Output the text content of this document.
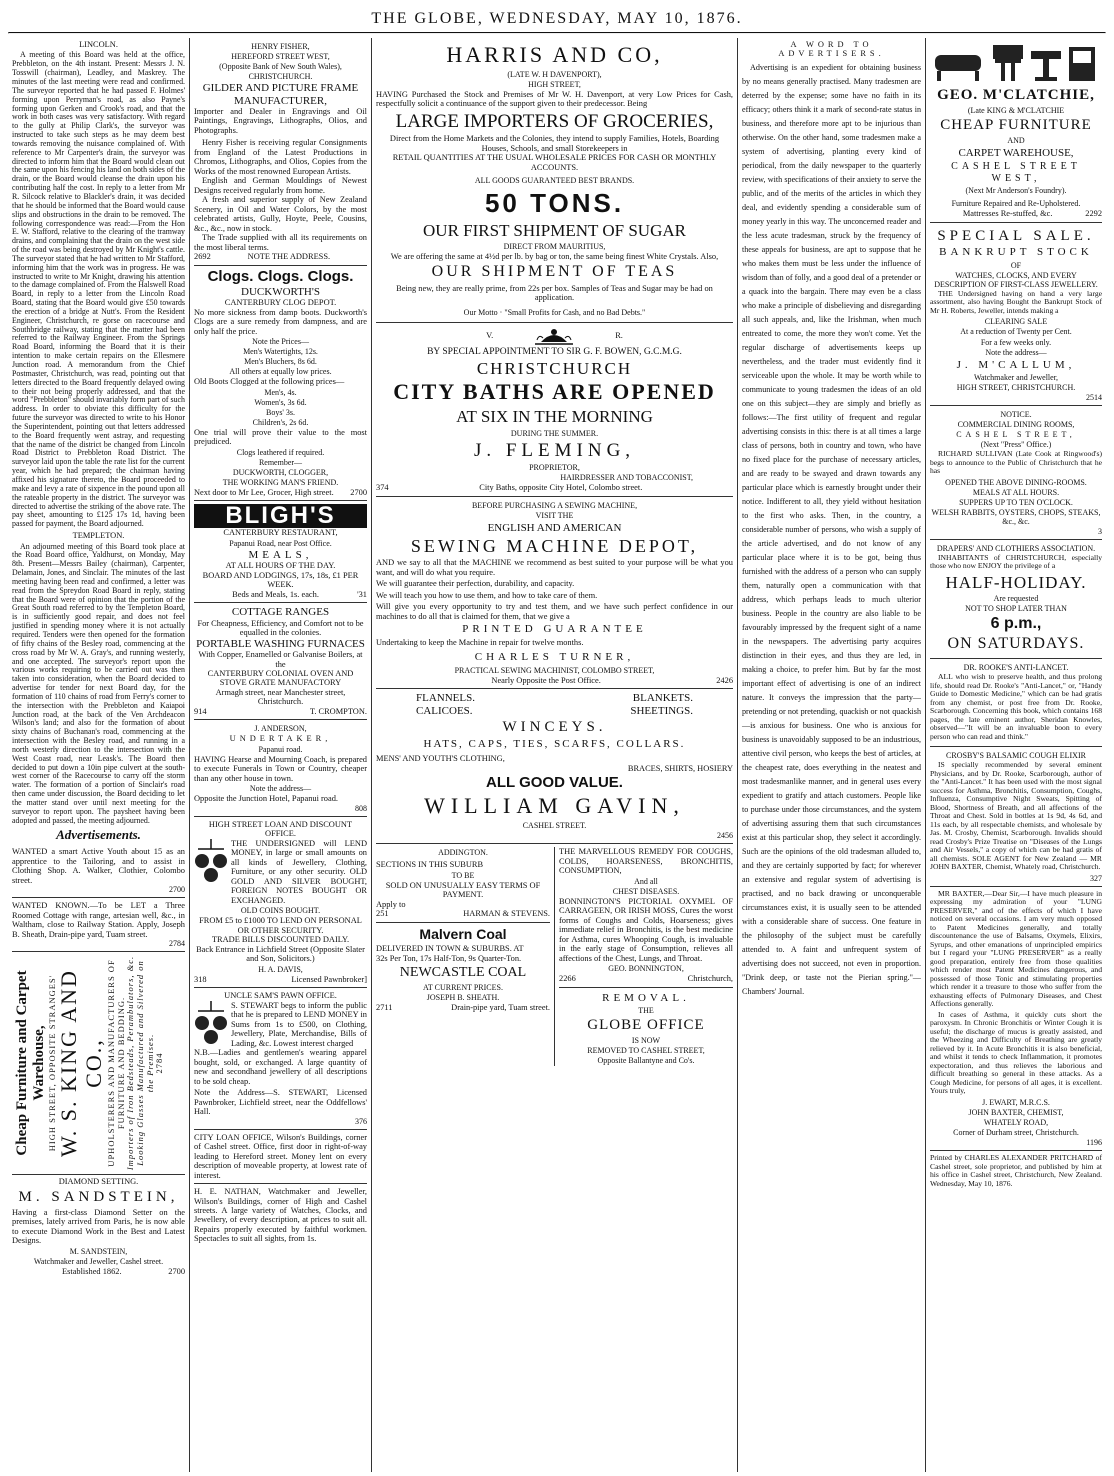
THE GLOBE, WEDNESDAY, MAY 10, 1876.
LINCOLN.

A meeting of this Board was held at the office, Prebbleton, on the 4th instant. Present: Messrs J. N. Tosswill (chairman), Leadley, and Maskrey. The minutes of the last meeting were read and confirmed. The surveyor reported that he had passed F. Holmes' forming upon Perryman's road, as also Payne's forming upon Gerken and Crook's road, and that the work in both cases was very satisfactory. With regard to the gully at Philip Clark's, the surveyor was instructed to take such steps as he may deem best towards removing the nuisance complained of. With reference to Mr Carpenter's drain, the surveyor was directed to inform him that the Board would clean out the same upon his fencing his land on both sides of the drain, or the Board would cleanse the drain upon his contributing half the cost. In reply to a letter from Mr R. Silcock relative to Blackler's drain, it was decided that he should be informed that the Board would cause slips and obstructions in the drain to be removed. The following correspondence was read:—From the Hon E. W. Stafford, relative to the clearing of the tramway drains, and complaining that the drain on the west side of the road was being destroyed by Mr Knight's cattle. The surveyor stated that he had written to Mr Stafford, informing him that the work was in progress. He was instructed to write to Mr Knight, drawing his attention to the damage complained of. From the Halswell Road Board, in reply to a letter from the Lincoln Road Board, stating that the Board would give £50 towards the erection of a bridge at Nutt's. From the Resident Engineer, Christchurch, re gorse on racecourse and Southbridge railway, stating that the matter had been referred to the Railway Engineer. From the Springs Road Board, informing the Board that it is their intention to make certain repairs on the Ellesmere Junction road. A memorandum from the Chief Postmaster, Christchurch, was read, pointing out that letters directed to the Board frequently delayed owing to their not being properly addressed, and that the word "Prebbleton" should invariably form part of such address. In order to obviate this difficulty for the future the surveyor was directed to write to his Honor the Superintendent, pointing out that letters addressed to the Board frequently went astray, and requesting that the name of the district be changed from Lincoln Road District to Prebbleton Road District. The surveyor laid upon the table the rate list for the current year, which he had prepared; the chairman having affixed his signature thereto, the Board proceeded to make and levy a rate of sixpence in the pound upon all the rateable property in the district. The surveyor was directed to advertise the striking of the above rate. The pay sheet, amounting to £125 17s 1d, having been passed for payment, the Board adjourned.

TEMPLETON.

An adjourned meeting of this Board took place at the Road Board office, Yaldhurst, on Monday, May 8th. Present—Messrs Bailey (chairman), Carpenter, Delamain, Jones, and Sinclair. The minutes of the last meeting having been read and confirmed, a letter was read from the Spreydon Road Board in reply, stating that the Board were of opinion that the portion of the Great South road referred to by the Templeton Board, is in sufficiently good repair, and does not feel justified in spending money where it is not actually required. Tenders were then opened for the formation of fifty chains of the Besley road, commencing at the cross road by Mr W. A. Gray's, and running westerly, and one accepted. The surveyor's report upon the various works requiring to be carried out was then taken into consideration, when the Board decided to advertise for tender for next Board day, for the formation of 110 chains of road from Ferry's corner to the intersection with the Prebbleton and Kaiapoi Junction road, at the back of the Ven Archdeacon Wilson's land; and also for the formation of about sixty chains of Buchanan's road, commencing at the intersection with the Besley road, and running in a north westerly direction to the intersection with the West Coast road, near Leask's. The Board then decided to put down a 10in pipe culvert at the south-west corner of the Racecourse to carry off the storm water. The formation of a portion of Sinclair's road then came under discussion, the Board deciding to let the matter stand over until next meeting for the surveyor to report upon. The paysheet having been adopted and passed, the meeting adjourned.

Advertisements.
WANTED a smart Active Youth about 15 as an apprentice to the Tailoring, and to assist in Clothing Shop. A. Walker, Clothier, Colombo street.
2700
WANTED KNOWN.—To be LET a Three Roomed Cottage with range, artesian well, &c., in Waltham, close to Railway Station. Apply, Joseph B. Sheath, Drain-pipe yard, Tuam street.
2784
Cheap Furniture and Carpet Warehouse, HIGH STREET, OPPOSITE STRANGES' W. S. KING AND CO., UPHOLSTERERS AND MANUFACTURERS OF FURNITURE AND BEDDING. Importers of Iron Bedsteads, Perambulators, &c. Looking Glasses Manufactured and Silvered on the Premises. 2784
DIAMOND SETTING.
M. SANDSTEIN,
Having a first-class Diamond Setter on the premises, lately arrived from Paris, he is now able to execute Diamond Work in the Best and Latest Designs.
M. SANDSTEIN,
Watchmaker and Jeweller, Cashel street.
Established 1862.	2700
HENRY FISHER,
HEREFORD STREET WEST,
(Opposite Bank of New South Wales),
CHRISTCHURCH.
GILDER AND PICTURE FRAME MANUFACTURER,
Importer and Dealer in Engravings and Oil Paintings, Engravings, Lithographs, Olios, and Photographs.
Henry Fisher is receiving regular Consignments from England of the Latest Productions in Chromos, Lithographs, and Olios, Copies from the Works of the most renowned European Artists.
English and German Mouldings of Newest Designs received regularly from home.
A fresh and superior supply of New Zealand Scenery, in Oil and Water Colors, by the most celebrated artists, Gully, Hoyte, Peele, Cousins, &c., &c., now in stock.
The Trade supplied with all its requirements on the most liberal terms.
2692	NOTE THE ADDRESS.
Clogs. Clogs. Clogs.
DUCKWORTH'S
CANTERBURY CLOG DEPOT.
No more sickness from damp boots. Duckworth's Clogs are a sure remedy from dampness, and are only half the price.
Note the Prices—
Men's Watertights, 12s.
Men's Bluchers, 8s 6d.
All others at equally low prices.
Old Boots Clogged at the following prices—
Men's, 4s.
Women's, 3s 6d.
Boys' 3s.
Children's, 2s 6d.
One trial will prove their value to the most prejudiced.
Clogs leathered if required.
Remember—
DUCKWORTH, CLOGGER,
THE WORKING MAN'S FRIEND.
Next door to Mr Lee, Grocer, High street. 2700
BLIGH'S
CANTERBURY RESTAURANT,
Papanui Road, near Post Office.
MEALS,
AT ALL HOURS OF THE DAY.
BOARD AND LODGINGS, 17s, 18s, £1 PER WEEK.
Beds and Meals, 1s. each.	'31
COTTAGE RANGES
For Cheapness, Efficiency, and Comfort not to be equalled in the colonies.
PORTABLE WASHING FURNACES
With Copper, Enamelled or Galvanise Boilers, at the
CANTERBURY COLONIAL OVEN AND STOVE GRATE MANUFACTORY
Armagh street, near Manchester street, Christchurch.
914	T. CROMPTON.
J. ANDERSON,
UNDERTAKER,
Papanui road.
HAVING Hearse and Mourning Coach, is prepared to execute Funerals in Town or Country, cheaper than any other house in town.
Note the address—
Opposite the Junction Hotel, Papanui road.
808
HIGH STREET LOAN AND DISCOUNT OFFICE.
THE UNDERSIGNED will LEND MONEY, in large or small amounts on all kinds of Jewellery, Clothing, Furniture, or any other security. OLD GOLD AND SILVER BOUGHT, FOREIGN NOTES BOUGHT OR EXCHANGED.
OLD COINS BOUGHT.
FROM £5 to £1000 TO LEND ON PERSONAL OR OTHER SECURITY.
TRADE BILLS DISCOUNTED DAILY.
Back Entrance in Lichfield Street (Opposite Slater and Son, Solicitors.)
H. A. DAVIS,
318	Licensed Pawnbroker]
UNCLE SAM'S PAWN OFFICE.
S. STEWART begs to inform the public that he is prepared to LEND MONEY in Sums from 1s to £500, on Clothing, Jewellery, Plate, Merchandise, Bills of Lading, &c. Lowest interest charged
N.B.—Ladies and gentlemen's wearing apparel bought, sold, or exchanged. A large quantity of new and secondhand jewellery of all descriptions to be sold cheap.
Note the Address—S. STEWART, Licensed Pawnbroker, Lichfield street, near the Oddfellows' Hall.
376
CITY LOAN OFFICE, Wilson's Buildings, corner of Cashel street. Office, first door in right-of-way leading to Hereford street. Money lent on every description of moveable property, at lowest rate of interest.
H. E. NATHAN, Watchmaker and Jeweller, Wilson's Buildings, corner of High and Cashel streets. A large variety of Watches, Clocks, and Jewellery, of every description, at prices to suit all. Repairs properly executed by faithful workmen. Spectacles to suit all sights, from 1s.
HARRIS AND CO,
(LATE W. H DAVENPORT),
HIGH STREET,
HAVING Purchased the Stock and Premises of Mr W. H. Davenport, at very Low Prices for Cash, respectfully solicit a continuance of the support given to their predecessor. Being
LARGE IMPORTERS OF GROCERIES,
Direct from the Home Markets and the Colonies, they intend to supply Families, Hotels, Boarding Houses, Schools, and small Storekeepers in
RETAIL QUANTITIES AT THE USUAL WHOLESALE PRICES FOR CASH OR MONTHLY ACCOUNTS.
ALL GOODS GUARANTEED BEST BRANDS.
50 TONS.
OUR FIRST SHIPMENT OF SUGAR
DIRECT FROM MAURITIUS,
We are offering the same at 4½d per lb. by bag or ton, the same being finest White Crystals. Also,
OUR SHIPMENT OF TEAS
Being new, they are really prime, from 22s per box. Samples of Teas and Sugar may be had on application.
Our Motto · "Small Profits for Cash, and no Bad Debts."
V.	R.
BY SPECIAL APPOINTMENT TO SIR G. F. BOWEN, G.C.M.G.
CHRISTCHURCH
CITY BATHS ARE OPENED
AT SIX IN THE MORNING
DURING THE SUMMER.
J. FLEMING,
PROPRIETOR,
HAIRDRESSER AND TOBACCONIST,
374	City Baths, opposite City Hotel, Colombo street.
BEFORE PURCHASING A SEWING MACHINE,
VISIT THE
ENGLISH AND AMERICAN
SEWING MACHINE DEPOT,
AND we say to all that the MACHINE we recommend as best suited to your purpose will be what you want, and will do what you require.
We will guarantee their perfection, durability, and capacity.
We will teach you how to use them, and how to take care of them.
Will give you every opportunity to try and test them, and we have such perfect confidence in our machines to do all that is claimed for them, that we give a
PRINTED GUARANTEE
Undertaking to keep the Machine in repair for twelve months.
CHARLES TURNER,
PRACTICAL SEWING MACHINIST, COLOMBO STREET,
Nearly Opposite the Post Office.	2426
FLANNELS.	BLANKETS.
CALICOES.	SHEETINGS.
WINCEYS.
HATS, CAPS, TIES, SCARFS, COLLARS.
MENS' AND YOUTH'S CLOTHING,
BRACES, SHIRTS, HOSIERY
ALL GOOD VALUE.
WILLIAM GAVIN,
CASHEL STREET.
2456
ADDINGTON.
SECTIONS IN THIS SUBURB
TO BE
SOLD ON UNUSUALLY EASY TERMS OF PAYMENT.
Apply to
251	HARMAN & STEVENS.
Malvern Coal
DELIVERED IN TOWN & SUBURBS. AT
32s Per Ton, 17s Half-Ton, 9s Quarter-Ton.
NEWCASTLE COAL
AT CURRENT PRICES.
JOSEPH B. SHEATH.
2711	Drain-pipe yard, Tuam street.
THE MARVELLOUS REMEDY FOR COUGHS, COLDS, HOARSENESS, BRONCHITIS, CONSUMPTION,
And all
CHEST DISEASES.
BONNINGTON'S PICTORIAL OXYMEL OF CARRAGEEN, OR IRISH MOSS, Cures the worst forms of Coughs and Colds, Hoarseness; gives immediate relief in Bronchitis, is the best medicine for Asthma, cures Whooping Cough, is invaluable in the early stage of Consumption, relieves all affections of the Chest, Lungs, and Throat.
GEO. BONNINGTON,
2266	Christchurch,
REMOVAL.
THE
GLOBE OFFICE
IS NOW
REMOVED TO CASHEL STREET,
Opposite Ballantyne and Co's.
A WORD TO ADVERTISERS.

Advertising is an expedient for obtaining business by no means generally practised. Many tradesmen are deterred by the expense; some have no faith in its efficacy; others think it a mark of second-rate status in business, and therefore more apt to be injurious than otherwise. On the other hand, some tradesmen make a system of advertising, planting every kind of periodical, from the daily newspaper to the quarterly review, with specifications of their anxiety to serve the public, and of the merits of the articles in which they deal, and evidently spending a considerable sum of money yearly in this way. The unconcerned reader and the less acute tradesman, struck by the frequency of these appeals for business, are apt to suppose that he who makes them must be less under the influence of wisdom than of folly, and a good deal of a pretender or a quack into the bargain. There may even be a class who make a principle of disbelieving and disregarding all such appeals, and, like the Irishman, when much entreated to come, the more they won't come. Yet the regular discharge of advertisements keeps up nevertheless, and the trader must evidently find it serviceable upon the whole. It may be worth while to communicate to young tradesmen the ideas of an old one on this subject—they are simply and briefly as follows:—The first utility of frequent and regular advertising consists in this: there is at all times a large class of persons, both in country and town, who have no fixed place for the purchase of necessary articles, and are ready to be swayed and drawn towards any particular place which is earnestly brought under their notice. Indifferent to all, they yield without hesitation to the first who asks. Then, in the country, a considerable number of persons, who wish a supply of the article advertised, and do not know of any particular place where it is to be got, being thus furnished with the address of a person who can supply them, naturally open a communication with that address, which perhaps leads to much ulterior business. People in the country are also liable to be favourably impressed by the frequent sight of a name in the newspapers. The advertising party acquires distinction in their eyes, and thus they are led, in making a choice, to prefer him. But by far the most important effect of advertising is one of an indirect nature. It conveys the impression that the party—pretending or not pretending, quackish or not quackish—is anxious for business. One who is anxious for business is unavoidably supposed to be an industrious, attentive civil person, who keeps the best of articles, at the cheapest rate, does everything in the neatest and most tradesmanlike manner, and in general uses every expedient to gratify and attach customers. People like to purchase under those circumstances, and the system of advertising assuring them that such circumstances exist at this particular shop, they select it accordingly. Such are the opinions of the old tradesman alluded to, and they are certainly supported by fact; for wherever an extensive and regular system of advertising is practised, and no back drawing or unconquerable circumstances exist, it is usually seen to be attended with a considerable share of success. One feature in the philosophy of the subject must be carefully attended to. A faint and unfrequent system of advertising does not succeed, not even in proportion. "Drink deep, or taste not the Pierian spring."—Chambers' Journal.

GEO. M'CLATCHIE,
(Late KING & M'CLATCHIE
CHEAP FURNITURE
AND
CARPET WAREHOUSE,
CASHEL STREET WEST,
(Next Mr Anderson's Foundry).
Furniture Repaired and Re-Upholstered.
Mattresses Re-stuffed, &c.	2292
SPECIAL SALE.
BANKRUPT STOCK
OF
WATCHES, CLOCKS, AND EVERY DESCRIPTION OF FIRST-CLASS JEWELLERY.
THE Undersigned having on hand a very large assortment, also having Bought the Bankrupt Stock of Mr H. Roberts, Jeweller, intends making a
CLEARING SALE
At a reduction of Twenty per Cent.
For a few weeks only.
Note the address—
J. M'CALLUM,
Watchmaker and Jeweller,
HIGH STREET, CHRISTCHURCH.
2514
NOTICE.
COMMERCIAL DINING ROOMS,
CASHEL STREET,
(Next "Press" Office.)
RICHARD SULLIVAN (Late Cook at Ringwood's) begs to announce to the Public of Christchurch that he has
OPENED THE ABOVE DINING-ROOMS.
MEALS AT ALL HOURS.
SUPPERS UP TO TEN O'CLOCK.
WELSH RABBITS, OYSTERS, CHOPS, STEAKS, &c., &c.
3
DRAPERS' AND CLOTHIERS ASSOCIATION.
INHABITANTS of CHRISTCHURCH, especially those who now ENJOY the privilege of a
HALF-HOLIDAY.
Are requested
NOT TO SHOP LATER THAN
6 p.m.,
ON SATURDAYS.
DR. ROOKE'S ANTI-LANCET.
ALL who wish to preserve health, and thus prolong life, should read Dr. Rooke's "Anti-Lancet," or, "Handy Guide to Domestic Medicine," which can be had gratis from any chemist, or post free from Dr. Rooke, Scarborough. Concerning this book, which contains 168 pages, the late eminent author, Sheridan Knowles, observed—"It will be an invaluable boon to every person who can read and think."
CROSBY'S BALSAMIC COUGH ELIXIR
IS specially recommended by several eminent Physicians, and by Dr. Rooke, Scarborough, author of the "Anti-Lancet." It has been used with the most signal success for Asthma, Bronchitis, Consumption, Coughs, Influenza, Consumptive Night Sweats, Spitting of Blood, Shortness of Breath, and all affections of the Throat and Chest. Sold in bottles at 1s 9d, 4s 6d, and 11s each, by all respectable chemists, and wholesale by Jas. M. Crosby, Chemist, Scarborough. Invalids should read Crosby's Prize Treatise on "Diseases of the Lungs and Air Vessels," a copy of which can be had gratis of all chemists. SOLE AGENT for New Zealand — MR JOHN BAXTER, Chemist, Whately road, Christchurch.
327
MR BAXTER,—Dear Sir,—I have much pleasure in expressing my admiration of your "LUNG PRESERVER," and of the effects of which I have noticed on several occasions. I am very much opposed to Patent Medicines generally, and totally discountenance the use of Balsams, Oxymels, Elixirs, Syrups, and other emanations of unprincipled empirics but I regard your "LUNG PRESERVER" as a really good preparation, entirely free from those qualities which render most Patent Medicines dangerous, and possessed of those Tonic and stimulating properties which render it a treasure to those who suffer from the exhausting effects of Pulmonary Diseases, and Chest Affections generally.
In cases of Asthma, it quickly cuts short the paroxysm. In Chronic Bronchitis or Winter Cough it is useful; the discharge of mucus is greatly assisted, and the Wheezing and Difficulty of Breathing are greatly relieved by it. In Acute Bronchitis it is also beneficial, and whilst it tends to check Inflammation, it promotes expectoration, and thus relieves the laborious and difficult breathing so general in these attacks. As a Cough Medicine, for persons of all ages, it is excellent. Yours truly,
J. EWART, M.R.C.S.
JOHN BAXTER, CHEMIST,
WHATELY ROAD,
Corner of Durham street, Christchurch.
1196
Printed by CHARLES ALEXANDER PRITCHARD of Cashel street, sole proprietor, and published by him at his office in Cashel street, Christchurch, New Zealand. Wednesday, May 10, 1876.
